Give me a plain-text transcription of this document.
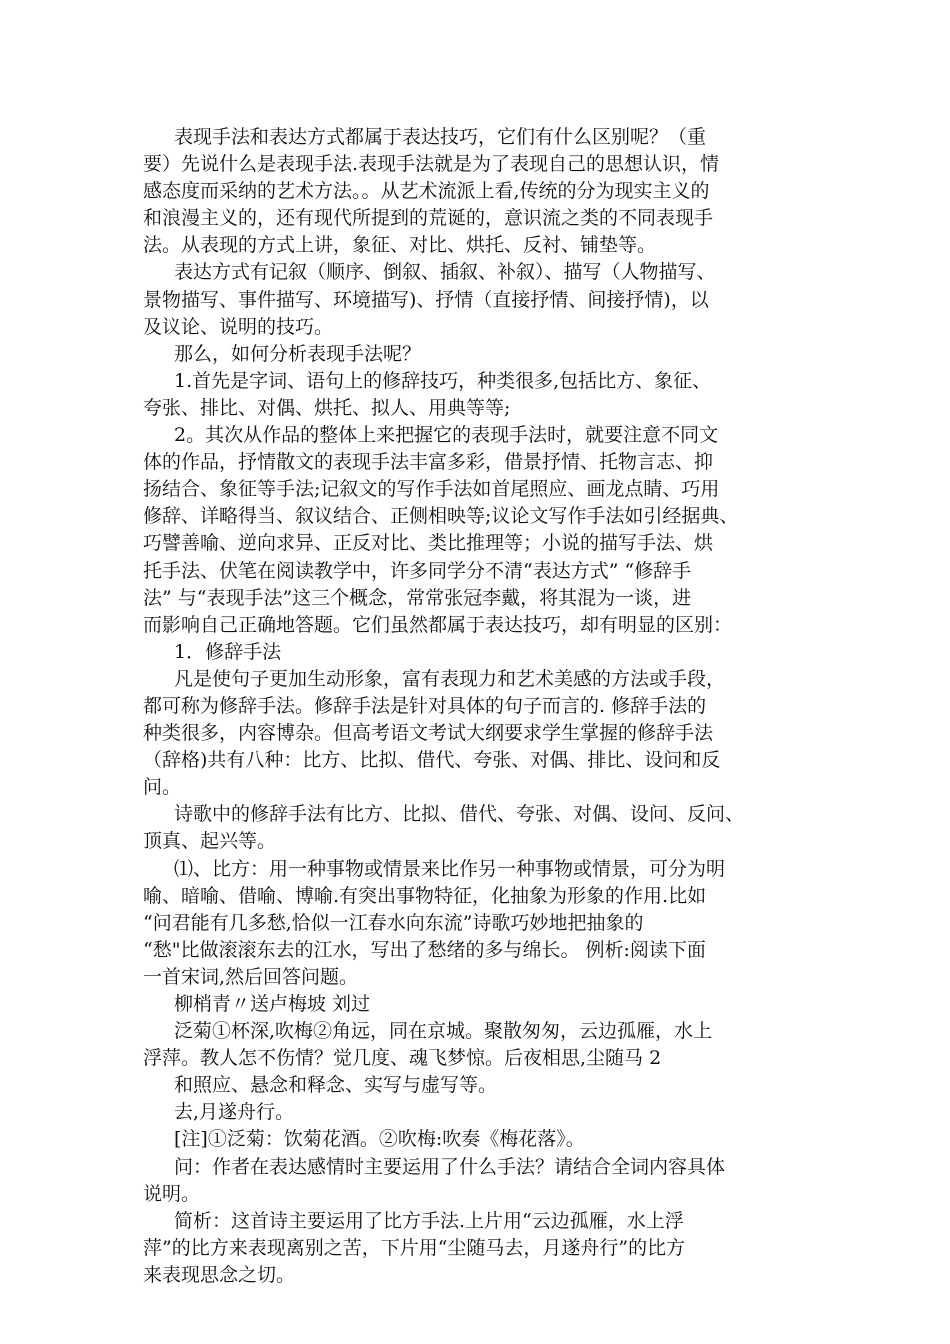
表现手法和表达方式都属于表达技巧，它们有什么区别呢？（重
要）先说什么是表现手法.表现手法就是为了表现自己的思想认识，情
感态度而采纳的艺术方法。。从艺术流派上看,传统的分为现实主义的
和浪漫主义的，还有现代所提到的荒诞的，意识流之类的不同表现手
法。从表现的方式上讲，象征、对比、烘托、反衬、铺垫等。
表达方式有记叙（顺序、倒叙、插叙、补叙）、描写（人物描写、
景物描写、事件描写、环境描写)、抒情（直接抒情、间接抒情)，以
及议论、说明的技巧。
那么，如何分析表现手法呢？
1.首先是字词、语句上的修辞技巧，种类很多,包括比方、象征、
夸张、排比、对偶、烘托、拟人、用典等等;
2。其次从作品的整体上来把握它的表现手法时，就要注意不同文
体的作品，抒情散文的表现手法丰富多彩，借景抒情、托物言志、抑
扬结合、象征等手法;记叙文的写作手法如首尾照应、画龙点睛、巧用
修辞、详略得当、叙议结合、正侧相映等;议论文写作手法如引经据典、
巧譬善喻、逆向求异、正反对比、类比推理等；小说的描写手法、烘
托手法、伏笔在阅读教学中，许多同学分不清“表达方式” “修辞手
法” 与“表现手法”这三个概念，常常张冠李戴，将其混为一谈，进
而影响自己正确地答题。它们虽然都属于表达技巧，却有明显的区别：
1．修辞手法
凡是使句子更加生动形象，富有表现力和艺术美感的方法或手段，
都可称为修辞手法。修辞手法是针对具体的句子而言的. 修辞手法的
种类很多，内容博杂。但高考语文考试大纲要求学生掌握的修辞手法
（辞格)共有八种：比方、比拟、借代、夸张、对偶、排比、设问和反
问。
诗歌中的修辞手法有比方、比拟、借代、夸张、对偶、设问、反问、
顶真、起兴等。
⑴、比方：用一种事物或情景来比作另一种事物或情景，可分为明
喻、暗喻、借喻、博喻.有突出事物特征，化抽象为形象的作用.比如
“问君能有几多愁,恰似一江春水向东流”诗歌巧妙地把抽象的
“愁"比做滚滚东去的江水，写出了愁绪的多与绵长。 例析:阅读下面
一首宋词,然后回答问题。
柳梢青〃送卢梅坡 刘过
泛菊①杯深,吹梅②角远，同在京城。聚散匆匆，云边孤雁，水上
浮萍。教人怎不伤情？觉几度、魂飞梦惊。后夜相思,尘随马 2
和照应、悬念和释念、实写与虚写等。
去,月遂舟行。
[注]①泛菊：饮菊花酒。②吹梅:吹奏《梅花落》。
问：作者在表达感情时主要运用了什么手法？请结合全词内容具体
说明。
简析：这首诗主要运用了比方手法.上片用“云边孤雁，水上浮
萍”的比方来表现离别之苦，下片用“尘随马去，月遂舟行”的比方
来表现思念之切。
